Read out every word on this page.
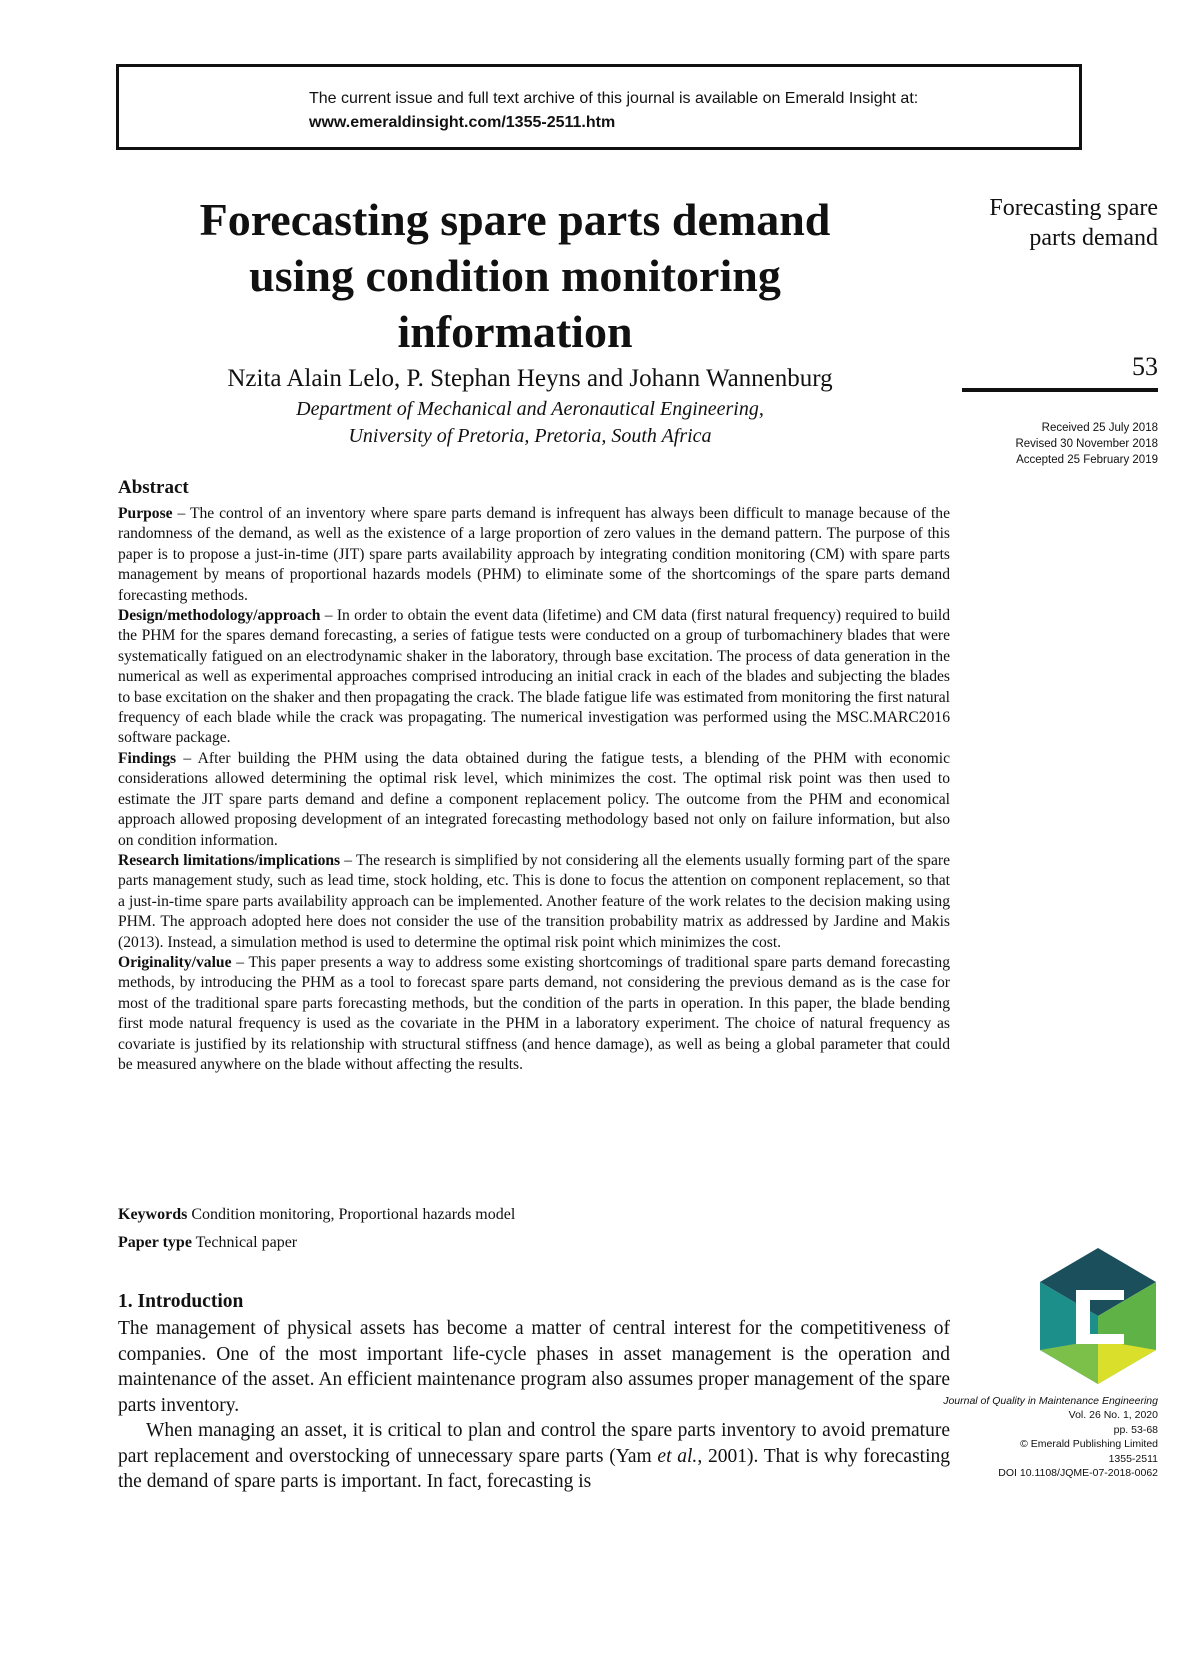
The current issue and full text archive of this journal is available on Emerald Insight at:
www.emeraldinsight.com/1355-2511.htm
Forecasting spare parts demand using condition monitoring information
Nzita Alain Lelo, P. Stephan Heyns and Johann Wannenburg
Department of Mechanical and Aeronautical Engineering,
University of Pretoria, Pretoria, South Africa
Forecasting spare parts demand
53
Received 25 July 2018
Revised 30 November 2018
Accepted 25 February 2019
Abstract

Purpose – The control of an inventory where spare parts demand is infrequent has always been difficult to manage because of the randomness of the demand, as well as the existence of a large proportion of zero values in the demand pattern. The purpose of this paper is to propose a just-in-time (JIT) spare parts availability approach by integrating condition monitoring (CM) with spare parts management by means of proportional hazards models (PHM) to eliminate some of the shortcomings of the spare parts demand forecasting methods.

Design/methodology/approach – In order to obtain the event data (lifetime) and CM data (first natural frequency) required to build the PHM for the spares demand forecasting, a series of fatigue tests were conducted on a group of turbomachinery blades that were systematically fatigued on an electrodynamic shaker in the laboratory, through base excitation. The process of data generation in the numerical as well as experimental approaches comprised introducing an initial crack in each of the blades and subjecting the blades to base excitation on the shaker and then propagating the crack. The blade fatigue life was estimated from monitoring the first natural frequency of each blade while the crack was propagating. The numerical investigation was performed using the MSC.MARC2016 software package.

Findings – After building the PHM using the data obtained during the fatigue tests, a blending of the PHM with economic considerations allowed determining the optimal risk level, which minimizes the cost. The optimal risk point was then used to estimate the JIT spare parts demand and define a component replacement policy. The outcome from the PHM and economical approach allowed proposing development of an integrated forecasting methodology based not only on failure information, but also on condition information.

Research limitations/implications – The research is simplified by not considering all the elements usually forming part of the spare parts management study, such as lead time, stock holding, etc. This is done to focus the attention on component replacement, so that a just-in-time spare parts availability approach can be implemented. Another feature of the work relates to the decision making using PHM. The approach adopted here does not consider the use of the transition probability matrix as addressed by Jardine and Makis (2013). Instead, a simulation method is used to determine the optimal risk point which minimizes the cost.

Originality/value – This paper presents a way to address some existing shortcomings of traditional spare parts demand forecasting methods, by introducing the PHM as a tool to forecast spare parts demand, not considering the previous demand as is the case for most of the traditional spare parts forecasting methods, but the condition of the parts in operation. In this paper, the blade bending first mode natural frequency is used as the covariate in the PHM in a laboratory experiment. The choice of natural frequency as covariate is justified by its relationship with structural stiffness (and hence damage), as well as being a global parameter that could be measured anywhere on the blade without affecting the results.

Keywords Condition monitoring, Proportional hazards model
Paper type Technical paper
1. Introduction

The management of physical assets has become a matter of central interest for the competitiveness of companies. One of the most important life-cycle phases in asset management is the operation and maintenance of the asset. An efficient maintenance program also assumes proper management of the spare parts inventory.

When managing an asset, it is critical to plan and control the spare parts inventory to avoid premature part replacement and overstocking of unnecessary spare parts (Yam et al., 2001). That is why forecasting the demand of spare parts is important. In fact, forecasting is

Journal of Quality in Maintenance Engineering
Vol. 26 No. 1, 2020
pp. 53-68
© Emerald Publishing Limited
1355-2511
DOI 10.1108/JQME-07-2018-0062
